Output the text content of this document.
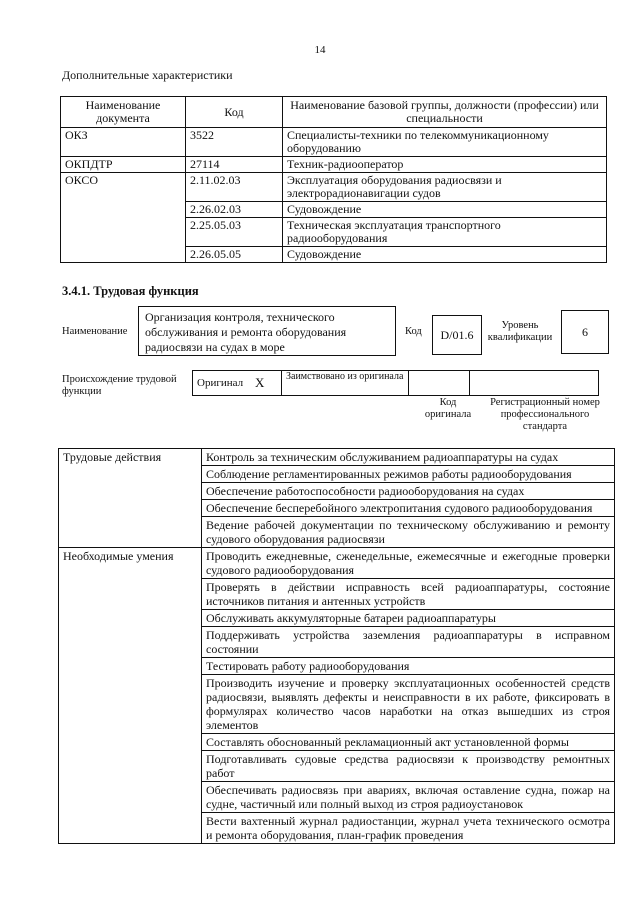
14
Дополнительные характеристики
Наименование документа	Код	Наименование базовой группы, должности (профессии) или специальности
ОКЗ	3522	Специалисты-техники по телекоммуникационному оборудованию
ОКПДТР	27114	Техник-радиооператор
ОКСО	2.11.02.03	Эксплуатация оборудования радиосвязи и электрорадионавигации судов
	2.26.02.03	Судовождение
	2.25.05.03	Техническая эксплуатация транспортного радиооборудования
	2.26.05.05	Судовождение
3.4.1. Трудовая функция
Наименование
Организация контроля, технического обслуживания и ремонта оборудования радиосвязи на судах в море
Код	D/01.6
Уровень квалификации	6
Происхождение трудовой функции
Оригинал	X	Заимствовано из оригинала		
Код оригинала
Регистрационный номер профессионального стандарта
Трудовые действия	Контроль за техническим обслуживанием радиоаппаратуры на судах
	Соблюдение регламентированных режимов работы радиооборудования
	Обеспечение работоспособности радиооборудования на судах
	Обеспечение бесперебойного электропитания судового радиооборудования
	Ведение рабочей документации по техническому обслуживанию и ремонту судового оборудования радиосвязи
Необходимые умения	Проводить ежедневные, сженедельные, ежемесячные и ежегодные проверки судового радиооборудования
	Проверять в действии исправность всей радиоаппаратуры, состояние источников питания и антенных устройств
	Обслуживать аккумуляторные батареи радиоаппаратуры
	Поддерживать устройства заземления радиоаппаратуры в исправном состоянии
	Тестировать работу радиооборудования
	Производить изучение и проверку эксплуатационных особенностей средств радиосвязи, выявлять дефекты и неисправности в их работе, фиксировать в формулярах количество часов наработки на отказ вышедших из строя элементов
	Составлять обоснованный рекламационный акт установленной формы
	Подготавливать судовые средства радиосвязи к производству ремонтных работ
	Обеспечивать радиосвязь при авариях, включая оставление судна, пожар на судне, частичный или полный выход из строя радиоустановок
	Вести вахтенный журнал радиостанции, журнал учета технического осмотра и ремонта оборудования, план-график проведения
